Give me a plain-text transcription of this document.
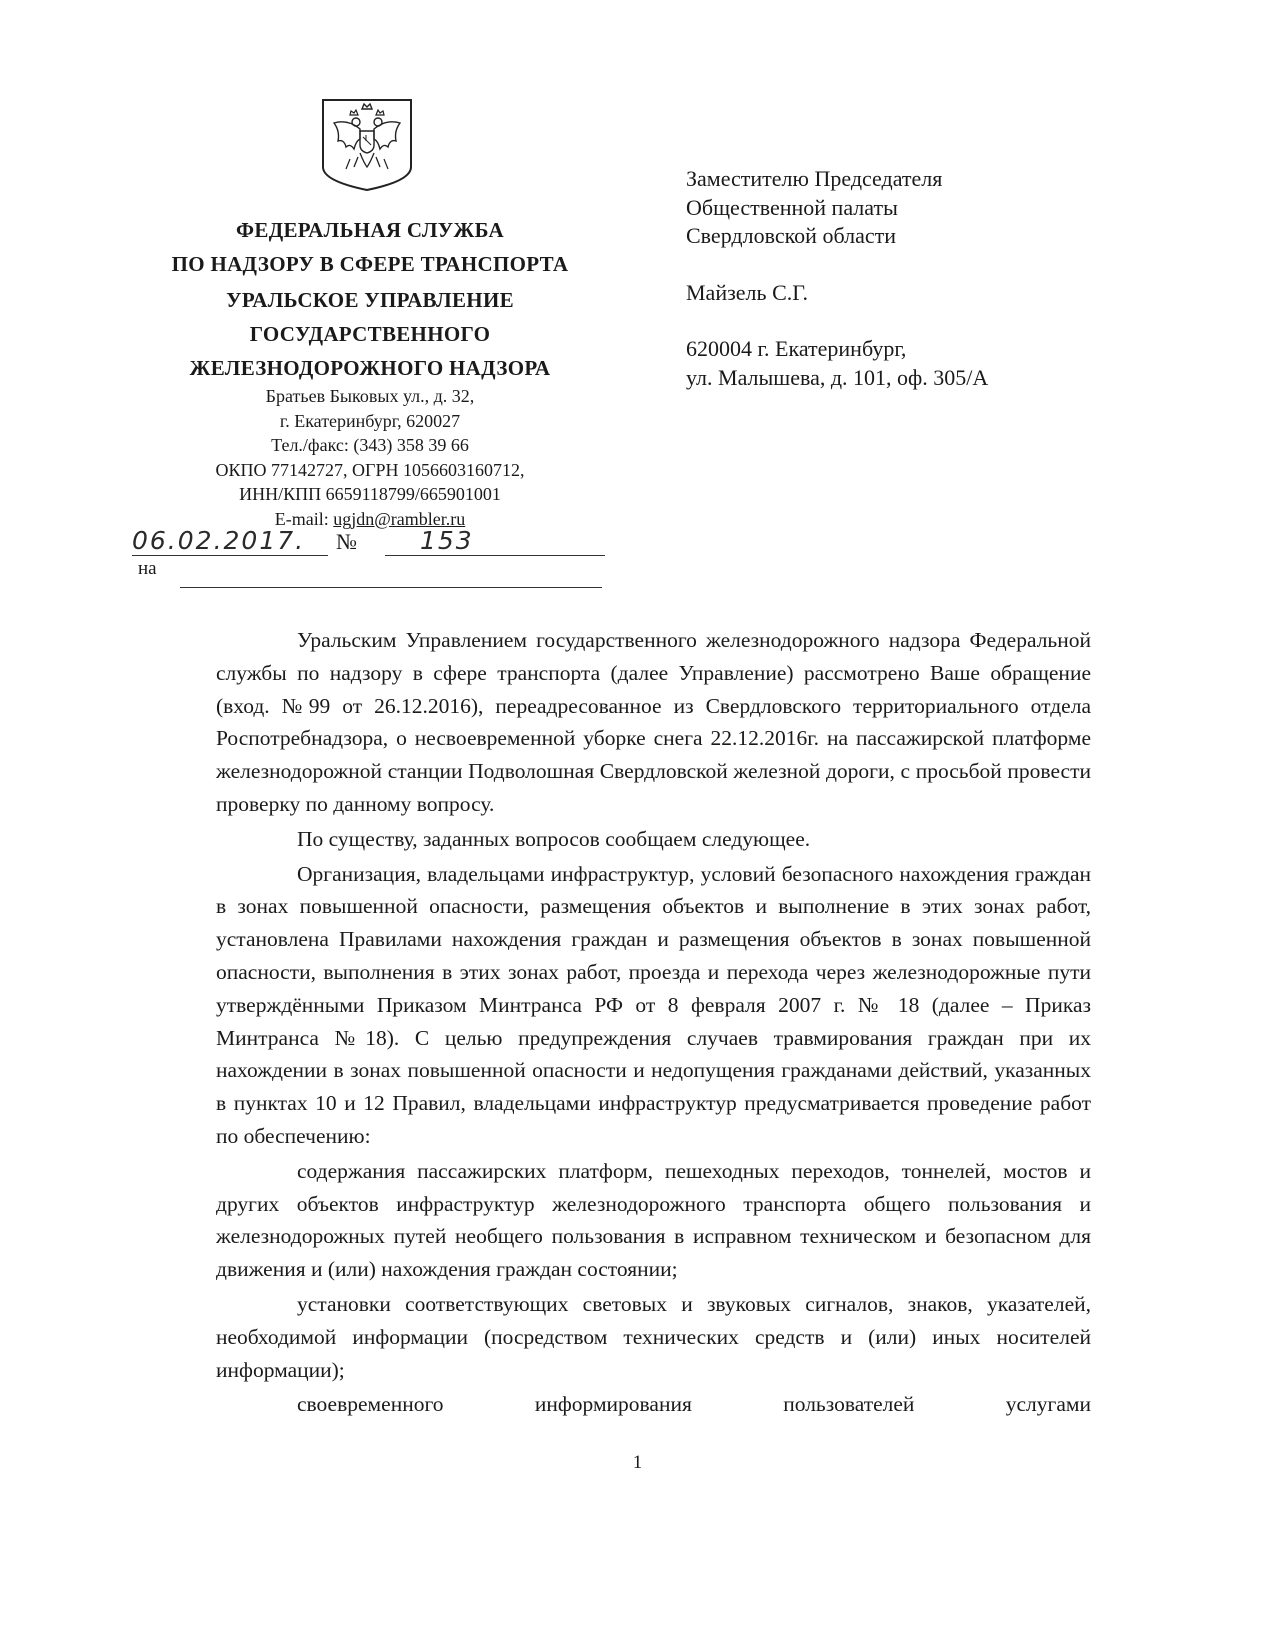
ФЕДЕРАЛЬНАЯ СЛУЖБА

ПО НАДЗОРУ В СФЕРЕ ТРАНСПОРТА

УРАЛЬСКОЕ УПРАВЛЕНИЕ

ГОСУДАРСТВЕННОГО

ЖЕЛЕЗНОДОРОЖНОГО НАДЗОРА

Братьев Быковых ул., д. 32,

г. Екатеринбург, 620027

Тел./факс: (343) 358 39 66

ОКПО 77142727, ОГРН 1056603160712,

ИНН/КПП 6659118799/665901001

E-mail: ugjdn@rambler.ru

06.02.2017.	№	153
на

Заместителю Председателя

Общественной палаты

Свердловской области

Майзель С.Г.

620004 г. Екатеринбург,

ул. Малышева, д. 101, оф. 305/А

Уральским Управлением государственного железнодорожного надзора Федеральной службы по надзору в сфере транспорта (далее Управление) рассмотрено Ваше обращение (вход. №99 от 26.12.2016), переадресованное из Свердловского территориального отдела Роспотребнадзора, о несвоевременной уборке снега 22.12.2016г. на пассажирской платформе железнодорожной станции Подволошная Свердловской железной дороги, с просьбой провести проверку по данному вопросу.

По существу, заданных вопросов сообщаем следующее.

Организация, владельцами инфраструктур, условий безопасного нахождения граждан в зонах повышенной опасности, размещения объектов и выполнение в этих зонах работ, установлена Правилами нахождения граждан и размещения объектов в зонах повышенной опасности, выполнения в этих зонах работ, проезда и перехода через железнодорожные пути утверждёнными Приказом Минтранса РФ от 8 февраля 2007 г. № 18 (далее – Приказ Минтранса №18). С целью предупреждения случаев травмирования граждан при их нахождении в зонах повышенной опасности и недопущения гражданами действий, указанных в пунктах 10 и 12 Правил, владельцами инфраструктур предусматривается проведение работ по обеспечению:

содержания пассажирских платформ, пешеходных переходов, тоннелей, мостов и других объектов инфраструктур железнодорожного транспорта общего пользования и железнодорожных путей необщего пользования в исправном техническом и безопасном для движения и (или) нахождения граждан состоянии;

установки соответствующих световых и звуковых сигналов, знаков, указателей, необходимой информации (посредством технических средств и (или) иных носителей информации);

своевременного информирования пользователей услугами

1
